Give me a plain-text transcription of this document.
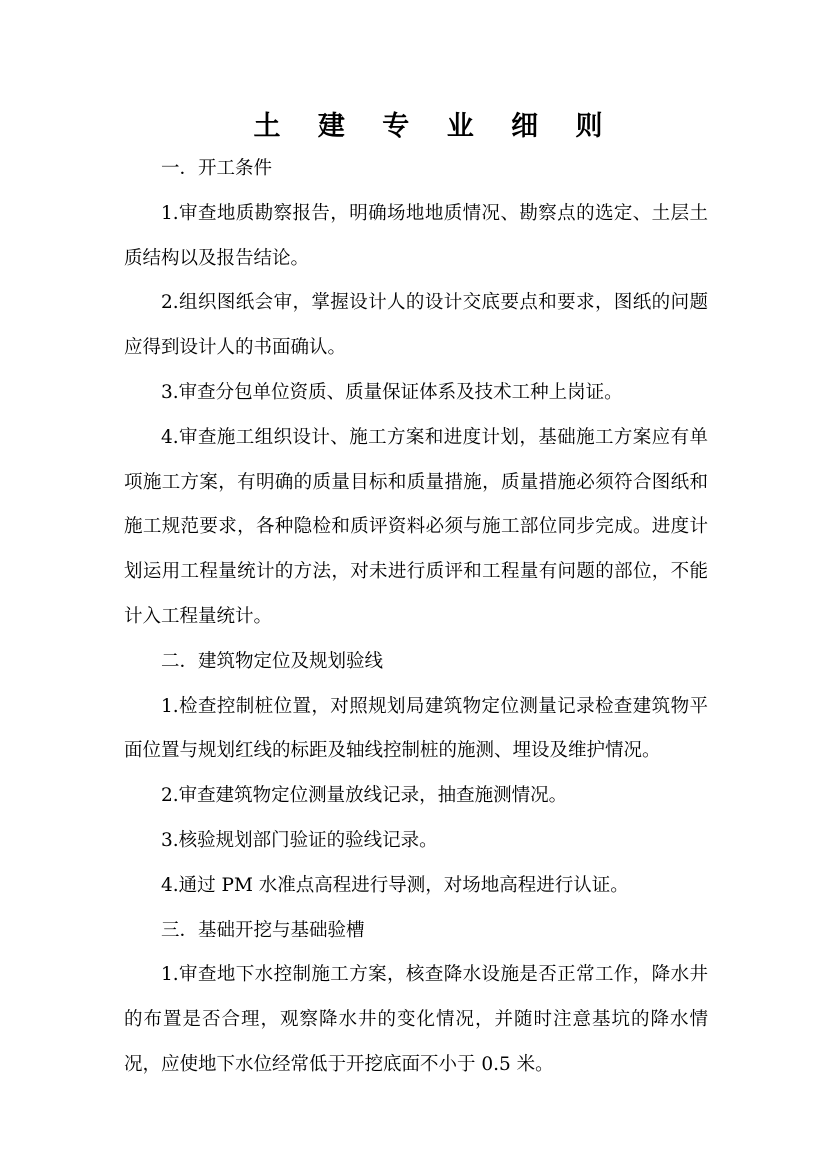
土 建 专 业 细 则

一．开工条件

1.审查地质勘察报告，明确场地地质情况、勘察点的选定、土层土质结构以及报告结论。

2.组织图纸会审，掌握设计人的设计交底要点和要求，图纸的问题应得到设计人的书面确认。

3.审查分包单位资质、质量保证体系及技术工种上岗证。

4.审查施工组织设计、施工方案和进度计划，基础施工方案应有单项施工方案，有明确的质量目标和质量措施，质量措施必须符合图纸和施工规范要求，各种隐检和质评资料必须与施工部位同步完成。进度计划运用工程量统计的方法，对未进行质评和工程量有问题的部位，不能计入工程量统计。

二．建筑物定位及规划验线

1.检查控制桩位置，对照规划局建筑物定位测量记录检查建筑物平面位置与规划红线的标距及轴线控制桩的施测、埋设及维护情况。

2.审查建筑物定位测量放线记录，抽查施测情况。

3.核验规划部门验证的验线记录。

4.通过 PM 水准点高程进行导测，对场地高程进行认证。

三．基础开挖与基础验槽

1.审查地下水控制施工方案，核查降水设施是否正常工作，降水井的布置是否合理，观察降水井的变化情况，并随时注意基坑的降水情况，应使地下水位经常低于开挖底面不小于 0.5 米。
